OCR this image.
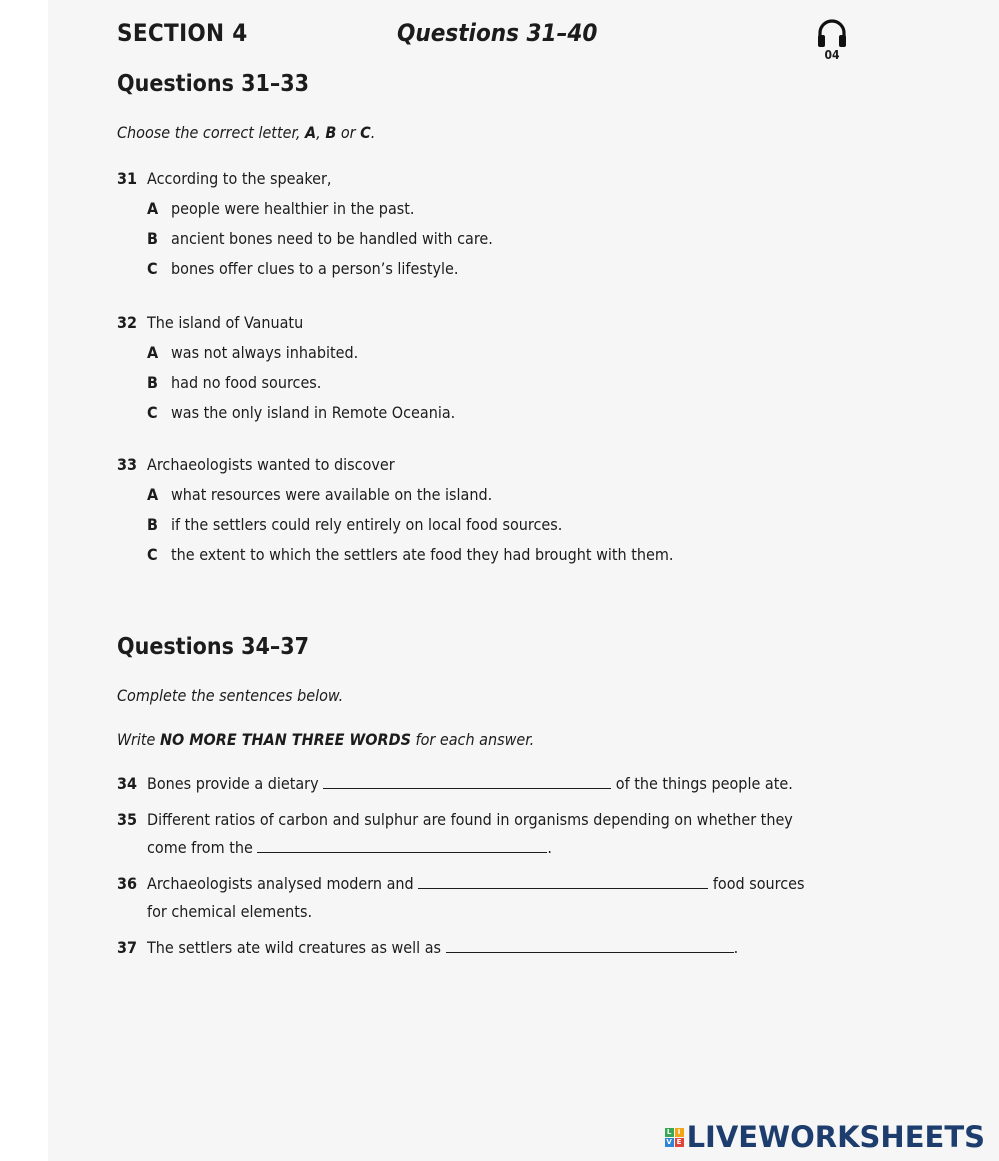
SECTION 4	Questions 31–40
04
Questions 31–33
Choose the correct letter, A, B or C.
31 According to the speaker,
A people were healthier in the past.
B ancient bones need to be handled with care.
C bones offer clues to a person’s lifestyle.
32 The island of Vanuatu
A was not always inhabited.
B had no food sources.
C was the only island in Remote Oceania.
33 Archaeologists wanted to discover
A what resources were available on the island.
B if the settlers could rely entirely on local food sources.
C the extent to which the settlers ate food they had brought with them.
Questions 34–37
Complete the sentences below.
Write NO MORE THAN THREE WORDS for each answer.
34 Bones provide a dietary	of the things people ate.
35 Different ratios of carbon and sulphur are found in organisms depending on whether they
come from the	.
36 Archaeologists analysed modern and	food sources
for chemical elements.
37 The settlers ate wild creatures as well as	.
L I
V E LIVEWORKSHEETS
